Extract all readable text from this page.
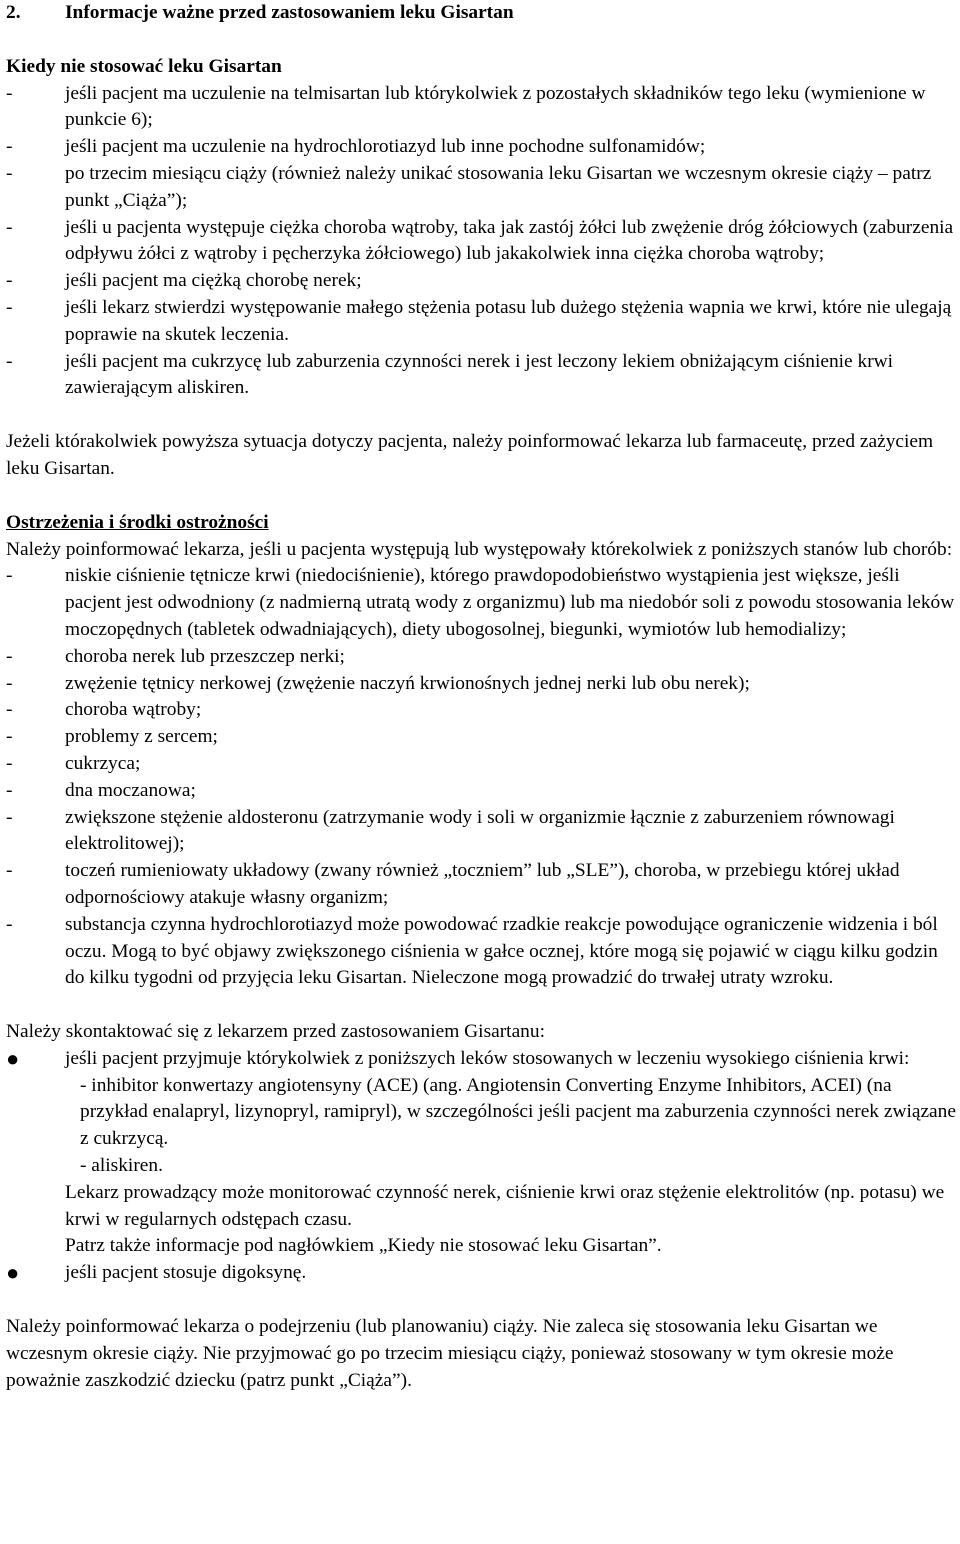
2.	Informacje ważne przed zastosowaniem leku Gisartan

Kiedy nie stosować leku Gisartan

-	jeśli pacjent ma uczulenie na telmisartan lub którykolwiek z pozostałych składników tego leku (wymienione w punkcie 6);
-	jeśli pacjent ma uczulenie na hydrochlorotiazyd lub inne pochodne sulfonamidów;
-	po trzecim miesiącu ciąży (również należy unikać stosowania leku Gisartan we wczesnym okresie ciąży – patrz punkt „Ciąża”);
-	jeśli u pacjenta występuje ciężka choroba wątroby, taka jak zastój żółci lub zwężenie dróg żółciowych (zaburzenia odpływu żółci z wątroby i pęcherzyka żółciowego) lub jakakolwiek inna ciężka choroba wątroby;
-	jeśli pacjent ma ciężką chorobę nerek;
-	jeśli lekarz stwierdzi występowanie małego stężenia potasu lub dużego stężenia wapnia we krwi, które nie ulegają poprawie na skutek leczenia.
-	jeśli pacjent ma cukrzycę lub zaburzenia czynności nerek i jest leczony lekiem obniżającym ciśnienie krwi zawierającym aliskiren.

Jeżeli którakolwiek powyższa sytuacja dotyczy pacjenta, należy poinformować lekarza lub farmaceutę, przed zażyciem leku Gisartan.

Ostrzeżenia i środki ostrożności

Należy poinformować lekarza, jeśli u pacjenta występują lub występowały którekolwiek z poniższych stanów lub chorób:

-	niskie ciśnienie tętnicze krwi (niedociśnienie), którego prawdopodobieństwo wystąpienia jest większe, jeśli pacjent jest odwodniony (z nadmierną utratą wody z organizmu) lub ma niedobór soli z powodu stosowania leków moczopędnych (tabletek odwadniających), diety ubogosolnej, biegunki, wymiotów lub hemodializy;
-	choroba nerek lub przeszczep nerki;
-	zwężenie tętnicy nerkowej (zwężenie naczyń krwionośnych jednej nerki lub obu nerek);
-	choroba wątroby;
-	problemy z sercem;
-	cukrzyca;
-	dna moczanowa;
-	zwiększone stężenie aldosteronu (zatrzymanie wody i soli w organizmie łącznie z zaburzeniem równowagi elektrolitowej);
-	toczeń rumieniowaty układowy (zwany również „toczniem” lub „SLE”), choroba, w przebiegu której układ odpornościowy atakuje własny organizm;
-	substancja czynna hydrochlorotiazyd może powodować rzadkie reakcje powodujące ograniczenie widzenia i ból oczu. Mogą to być objawy zwiększonego ciśnienia w gałce ocznej, które mogą się pojawić w ciągu kilku godzin do kilku tygodni od przyjęcia leku Gisartan. Nieleczone mogą prowadzić do trwałej utraty wzroku.

Należy skontaktować się z lekarzem przed zastosowaniem Gisartanu:

●	jeśli pacjent przyjmuje którykolwiek z poniższych leków stosowanych w leczeniu wysokiego ciśnienia krwi:
- inhibitor konwertazy angiotensyny (ACE) (ang. Angiotensin Converting Enzyme Inhibitors, ACEI) (na przykład enalapryl, lizynopryl, ramipryl), w szczególności jeśli pacjent ma zaburzenia czynności nerek związane z cukrzycą.
- aliskiren.
Lekarz prowadzący może monitorować czynność nerek, ciśnienie krwi oraz stężenie elektrolitów (np. potasu) we krwi w regularnych odstępach czasu.
Patrz także informacje pod nagłówkiem „Kiedy nie stosować leku Gisartan”.
●	jeśli pacjent stosuje digoksynę.

Należy poinformować lekarza o podejrzeniu (lub planowaniu) ciąży. Nie zaleca się stosowania leku Gisartan we wczesnym okresie ciąży. Nie przyjmować go po trzecim miesiącu ciąży, ponieważ stosowany w tym okresie może poważnie zaszkodzić dziecku (patrz punkt „Ciąża”).
